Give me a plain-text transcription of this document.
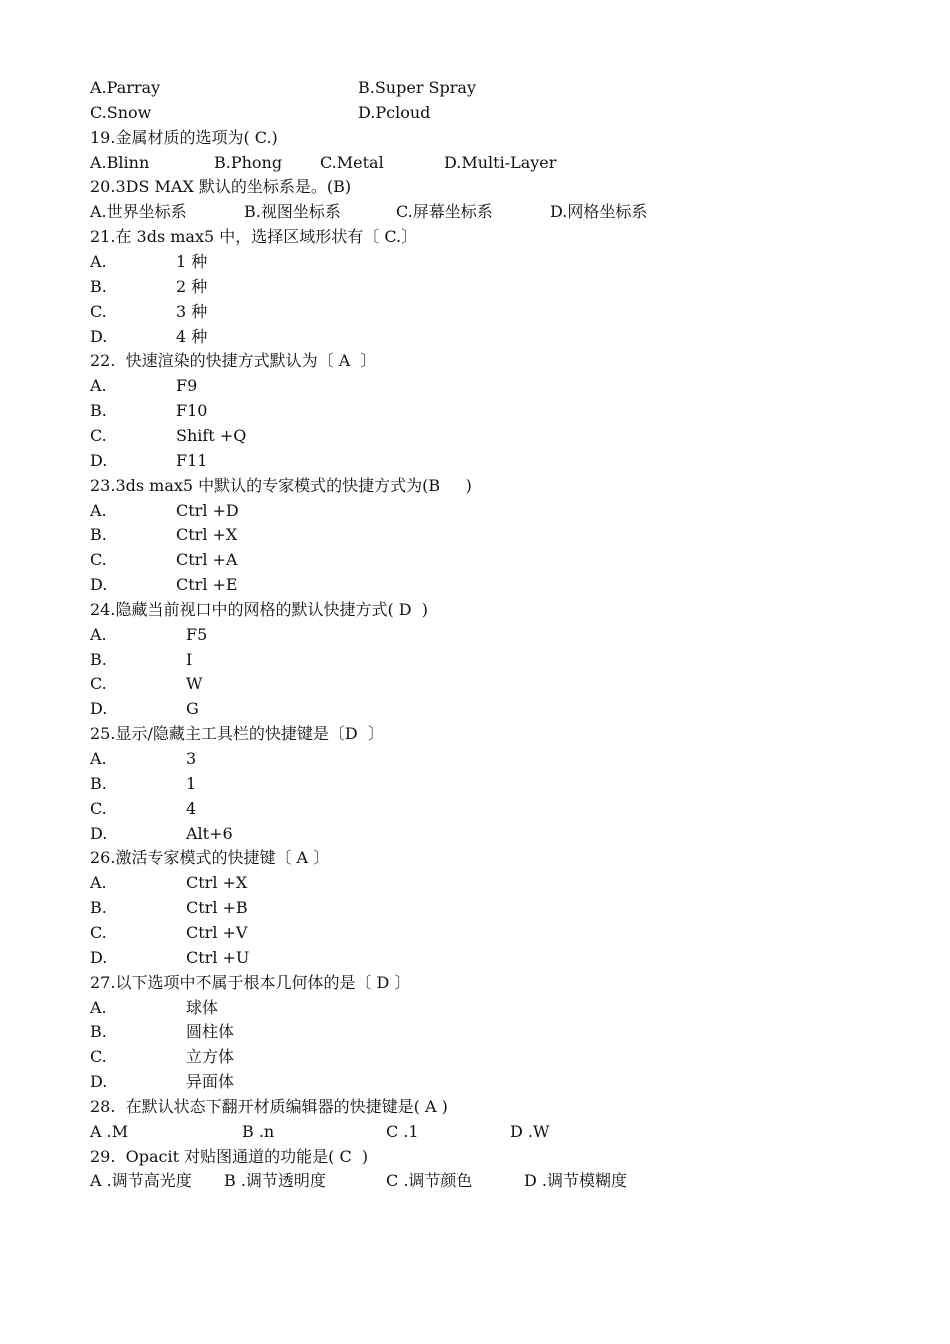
A.Parray	B.Super Spray
C.Snow	D.Pcloud
19.金属材质的选项为( C.)
A.Blinn	B.Phong C.Metal	D.Multi-Layer
20.3DS MAX 默认的坐标系是。(B)
A.世界坐标系	B.视图坐标系	C.屏幕坐标系	D.网格坐标系
21.在 3ds max5 中，选择区域形状有〔 C.〕
A.	1 种
B.	2 种
C.	3 种
D.	4 种
22.  快速渲染的快捷方式默认为〔 A  〕
A.	F9
B.	F10
C.	Shift +Q
D.	F11
23.3ds max5 中默认的专家模式的快捷方式为(B     )
A.	Ctrl +D
B.	Ctrl +X
C.	Ctrl +A
D.	Ctrl +E
24.隐藏当前视口中的网格的默认快捷方式( D  )
A.	F5
B.	I
C.	W
D.	G
25.显示/隐藏主工具栏的快捷键是〔D  〕
A.	3
B.	1
C.	4
D.	Alt+6
26.激活专家模式的快捷键〔 A 〕
A.	Ctrl +X
B.	Ctrl +B
C.	Ctrl +V
D.	Ctrl +U
27.以下选项中不属于根本几何体的是〔 D 〕
A.	球体
B.	圆柱体
C.	立方体
D.	异面体
28.  在默认状态下翻开材质编辑器的快捷键是( A )
A .M	B .n	C .1	D .W
29.  Opacit 对贴图通道的功能是( C  )
A .调节高光度 B .调节透明度	C .调节颜色	D .调节模糊度
